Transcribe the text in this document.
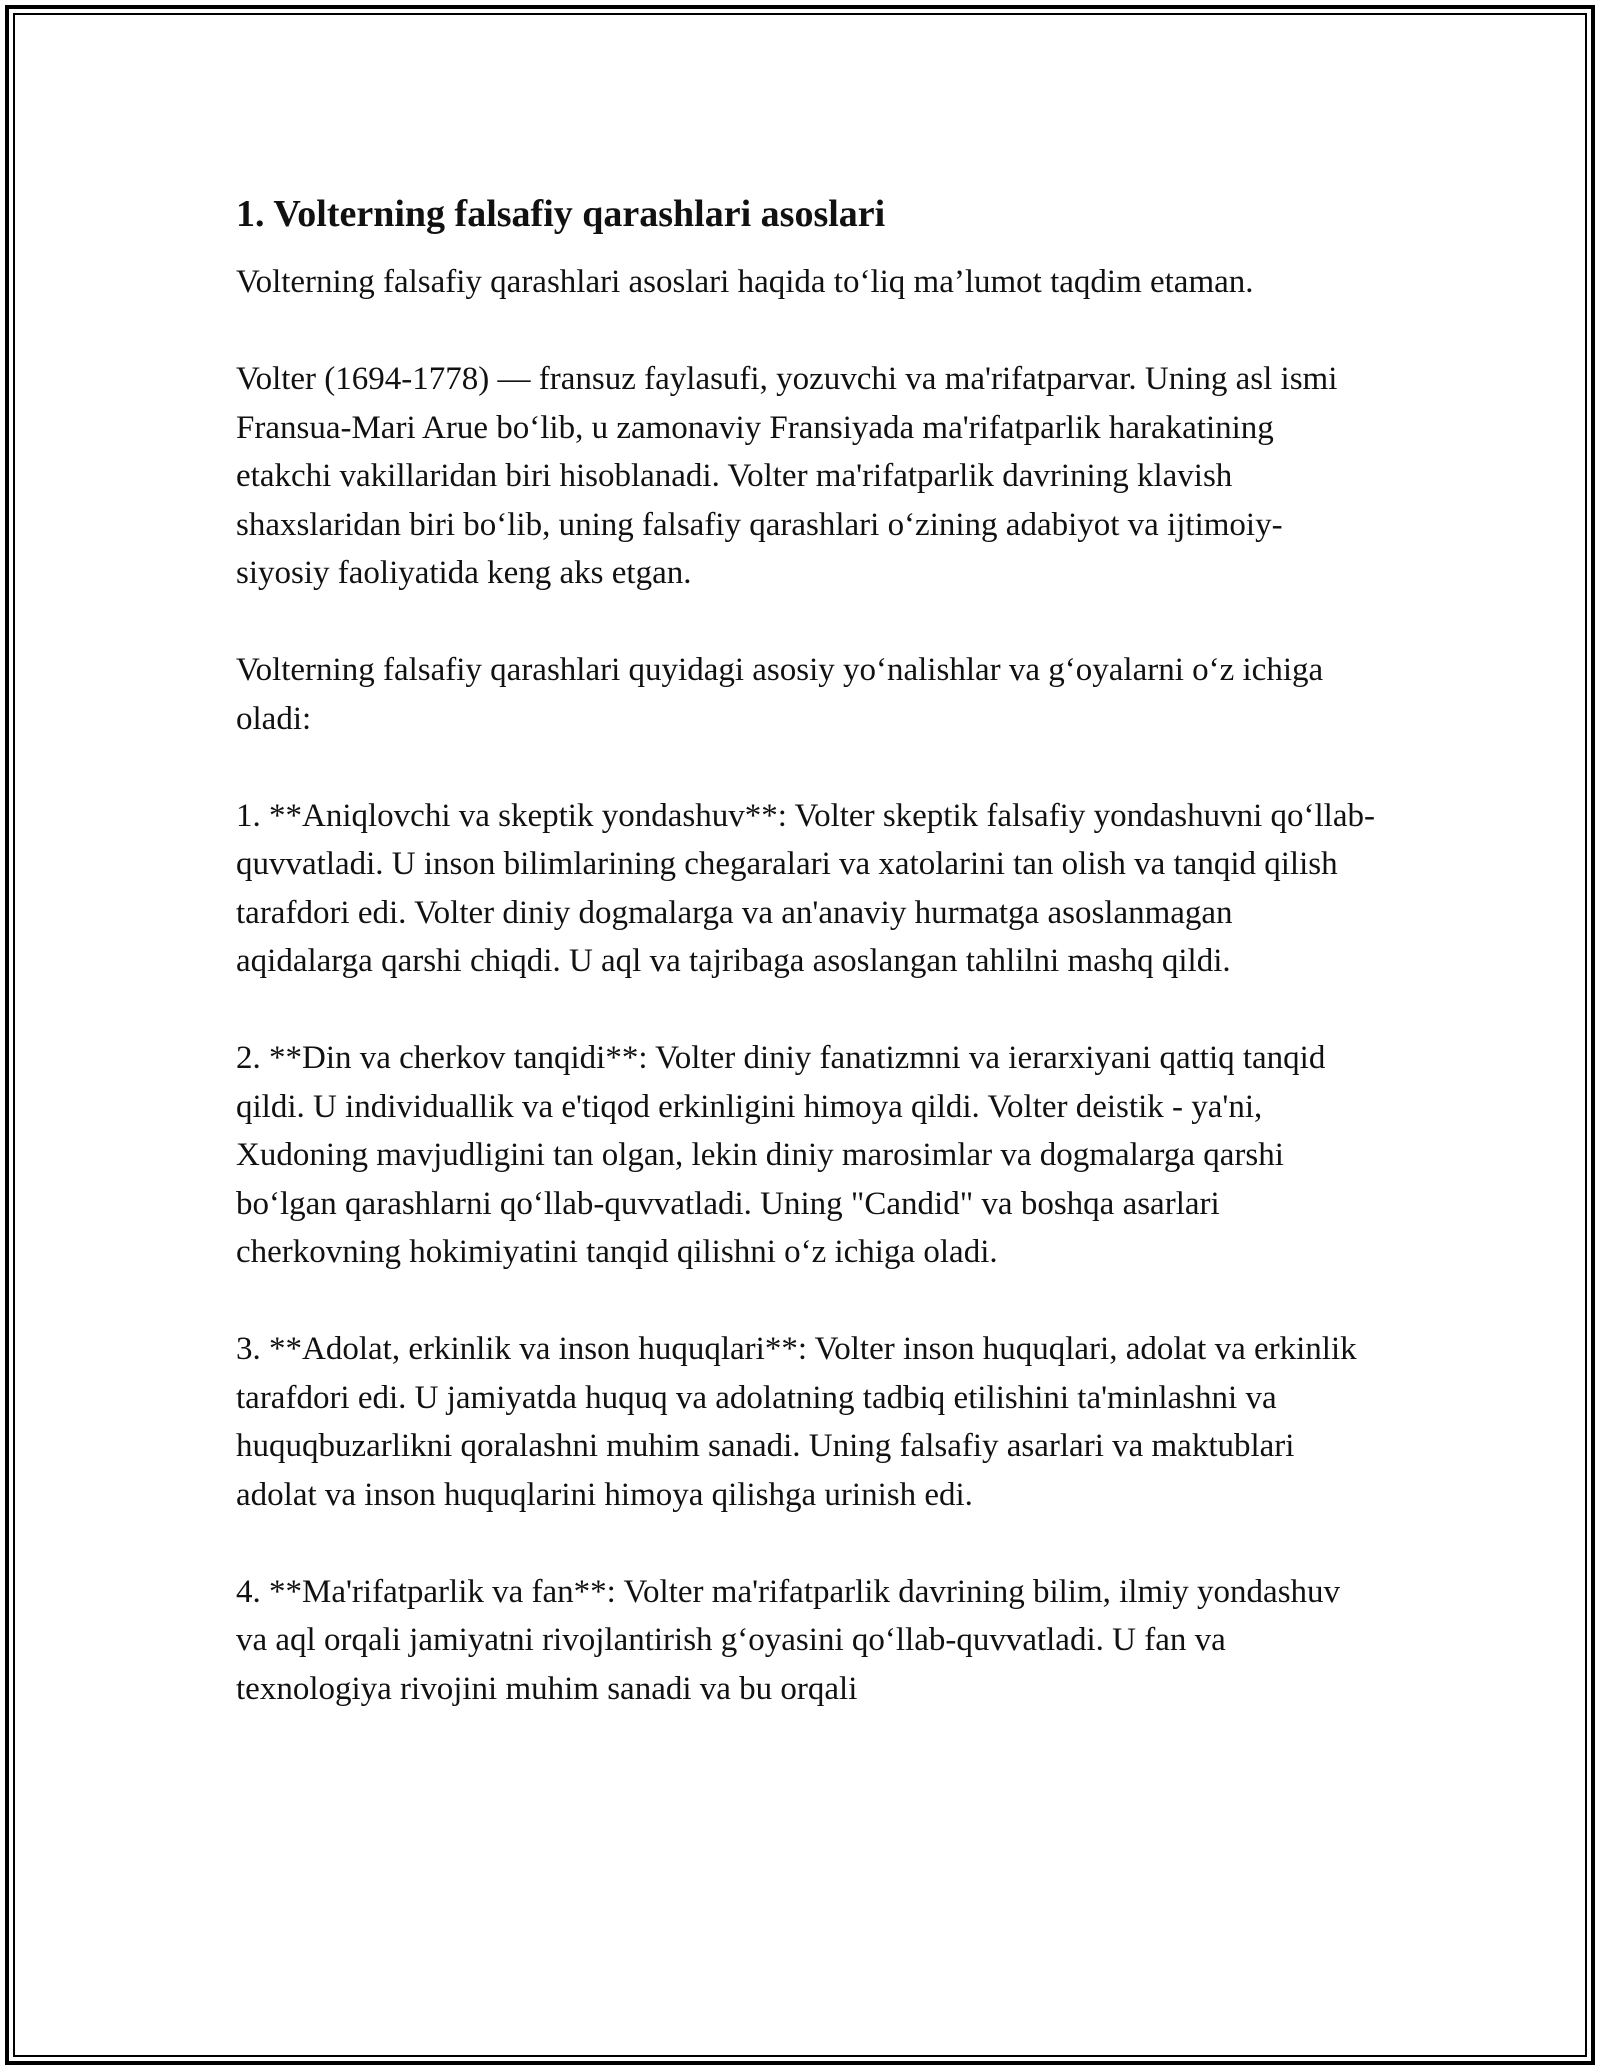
1. Volterning falsafiy qarashlari asoslari

Volterning falsafiy qarashlari asoslari haqida to‘liq ma’lumot taqdim etaman.

Volter (1694-1778) — fransuz faylasufi, yozuvchi va ma'rifatparvar. Uning asl ismi Fransua-Mari Arue bo‘lib, u zamonaviy Fransiyada ma'rifatparlik harakatining etakchi vakillaridan biri hisoblanadi. Volter ma'rifatparlik davrining klavish shaxslaridan biri bo‘lib, uning falsafiy qarashlari o‘zining adabiyot va ijtimoiy-siyosiy faoliyatida keng aks etgan.

Volterning falsafiy qarashlari quyidagi asosiy yo‘nalishlar va g‘oyalarni o‘z ichiga oladi:

1. **Aniqlovchi va skeptik yondashuv**: Volter skeptik falsafiy yondashuvni qo‘llab-quvvatladi. U inson bilimlarining chegaralari va xatolarini tan olish va tanqid qilish tarafdori edi. Volter diniy dogmalarga va an'anaviy hurmatga asoslanmagan aqidalarga qarshi chiqdi. U aql va tajribaga asoslangan tahlilni mashq qildi.

2. **Din va cherkov tanqidi**: Volter diniy fanatizmni va ierarxiyani qattiq tanqid qildi. U individuallik va e'tiqod erkinligini himoya qildi. Volter deistik - ya'ni, Xudoning mavjudligini tan olgan, lekin diniy marosimlar va dogmalarga qarshi bo‘lgan qarashlarni qo‘llab-quvvatladi. Uning "Candid" va boshqa asarlari cherkovning hokimiyatini tanqid qilishni o‘z ichiga oladi.

3. **Adolat, erkinlik va inson huquqlari**: Volter inson huquqlari, adolat va erkinlik tarafdori edi. U jamiyatda huquq va adolatning tadbiq etilishini ta'minlashni va huquqbuzarlikni qoralashni muhim sanadi. Uning falsafiy asarlari va maktublari adolat va inson huquqlarini himoya qilishga urinish edi.

4. **Ma'rifatparlik va fan**: Volter ma'rifatparlik davrining bilim, ilmiy yondashuv va aql orqali jamiyatni rivojlantirish g‘oyasini qo‘llab-quvvatladi. U fan va texnologiya rivojini muhim sanadi va bu orqali
